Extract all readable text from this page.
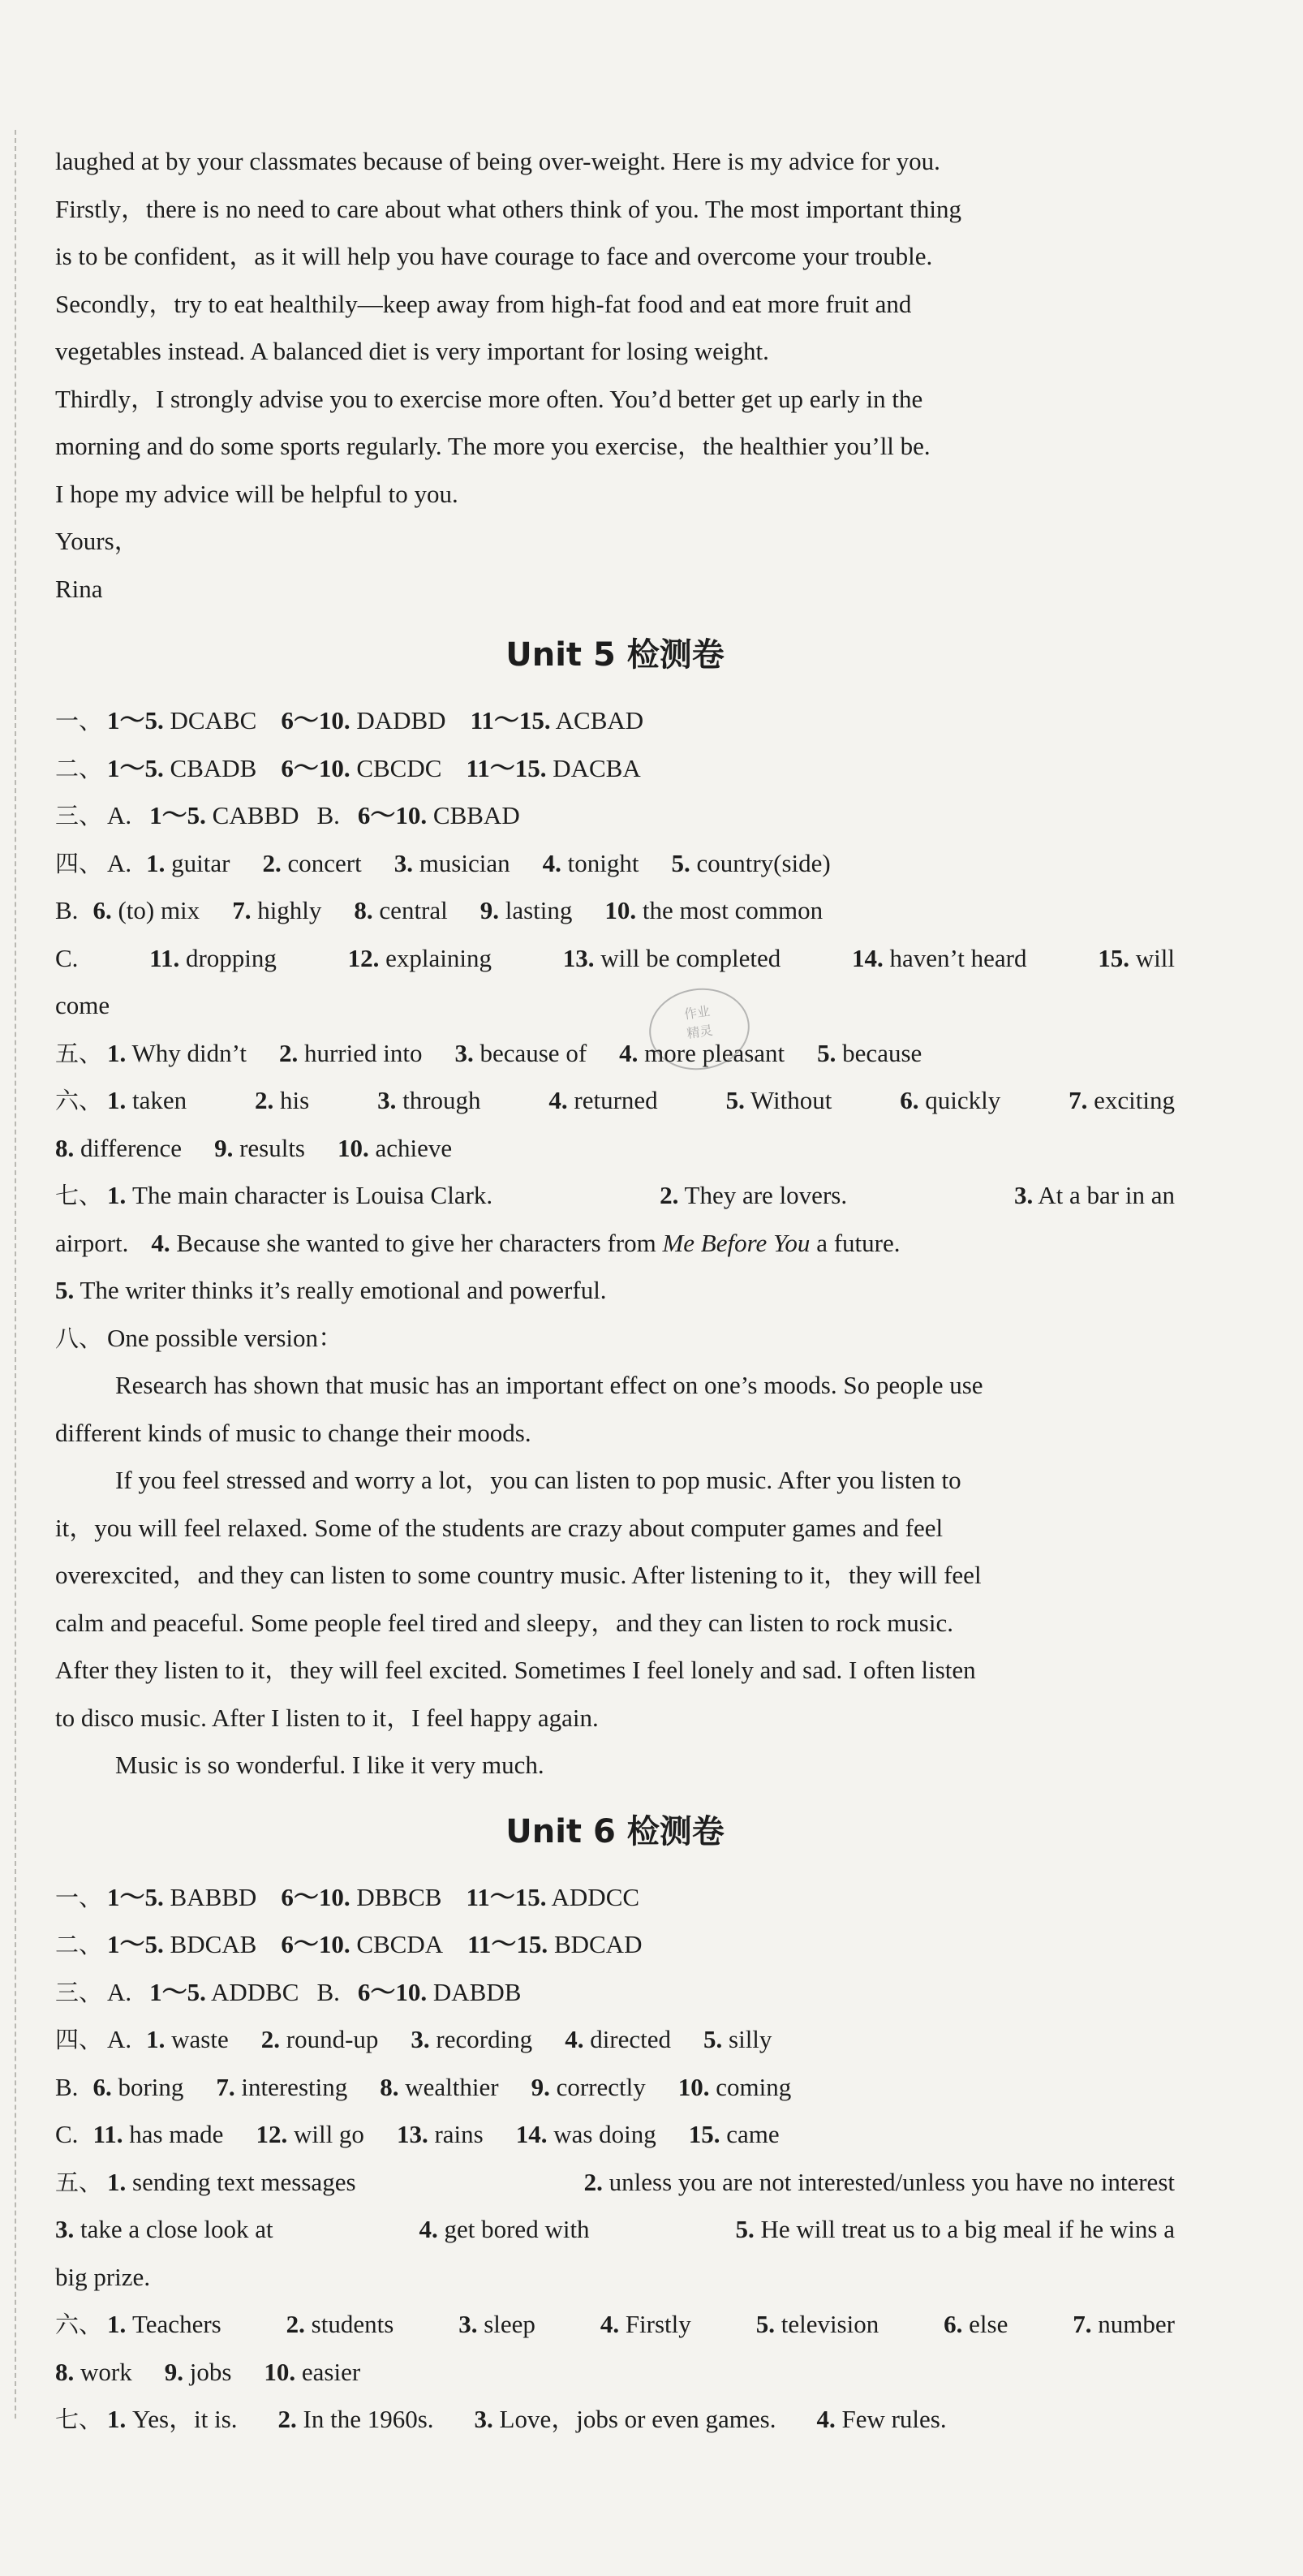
作业
精灵
laughed at by your classmates because of being over-weight. Here is my advice for you.
Firstly，there is no need to care about what others think of you. The most important thing
is to be confident，as it will help you have courage to face and overcome your trouble.
Secondly，try to eat healthily—keep away from high-fat food and eat more fruit and
vegetables instead. A balanced diet is very important for losing weight.
Thirdly，I strongly advise you to exercise more often. You’d better get up early in the
morning and do some sports regularly. The more you exercise，the healthier you’ll be.
I hope my advice will be helpful to you.
Yours，
Rina
Unit 5 检测卷
一、 1～5. DCABC 6～10. DADBD 11～15. ACBAD
二、 1～5. CBADB 6～10. CBCDC 11～15. DACBA
三、 A. 1～5. CABBD B. 6～10. CBBAD
四、 A. 1. guitar 2. concert 3. musician 4. tonight 5. country(side)
B. 6. (to) mix 7. highly 8. central 9. lasting 10. the most common
C.	11. dropping	12. explaining	13. will be completed	14. haven’t heard	15. will
come
五、 1. Why didn’t 2. hurried into 3. because of 4. more pleasant 5. because
六、 1. taken	2. his	3. through	4. returned	5. Without	6. quickly	7. exciting
8. difference 9. results 10. achieve
七、 1. The main character is Louisa Clark.	2. They are lovers.	3. At a bar in an
airport. 4. Because she wanted to give her characters from Me Before You a future.
5. The writer thinks it’s really emotional and powerful.
八、 One possible version：
Research has shown that music has an important effect on one’s moods. So people use
different kinds of music to change their moods.
If you feel stressed and worry a lot，you can listen to pop music. After you listen to
it，you will feel relaxed. Some of the students are crazy about computer games and feel
overexcited，and they can listen to some country music. After listening to it，they will feel
calm and peaceful. Some people feel tired and sleepy，and they can listen to rock music.
After they listen to it，they will feel excited. Sometimes I feel lonely and sad. I often listen
to disco music. After I listen to it，I feel happy again.
Music is so wonderful. I like it very much.
Unit 6 检测卷
一、 1～5. BABBD 6～10. DBBCB 11～15. ADDCC
二、 1～5. BDCAB 6～10. CBCDA 11～15. BDCAD
三、 A. 1～5. ADDBC B. 6～10. DABDB
四、 A. 1. waste 2. round-up 3. recording 4. directed 5. silly
B. 6. boring 7. interesting 8. wealthier 9. correctly 10. coming
C. 11. has made 12. will go 13. rains 14. was doing 15. came
五、 1. sending text messages	2. unless you are not interested/unless you have no interest
3. take a close look at	4. get bored with	5. He will treat us to a big meal if he wins a
big prize.
六、 1. Teachers	2. students	3. sleep	4. Firstly	5. television	6. else	7. number
8. work 9. jobs 10. easier
七、 1. Yes，it is. 2. In the 1960s. 3. Love，jobs or even games. 4. Few rules.
